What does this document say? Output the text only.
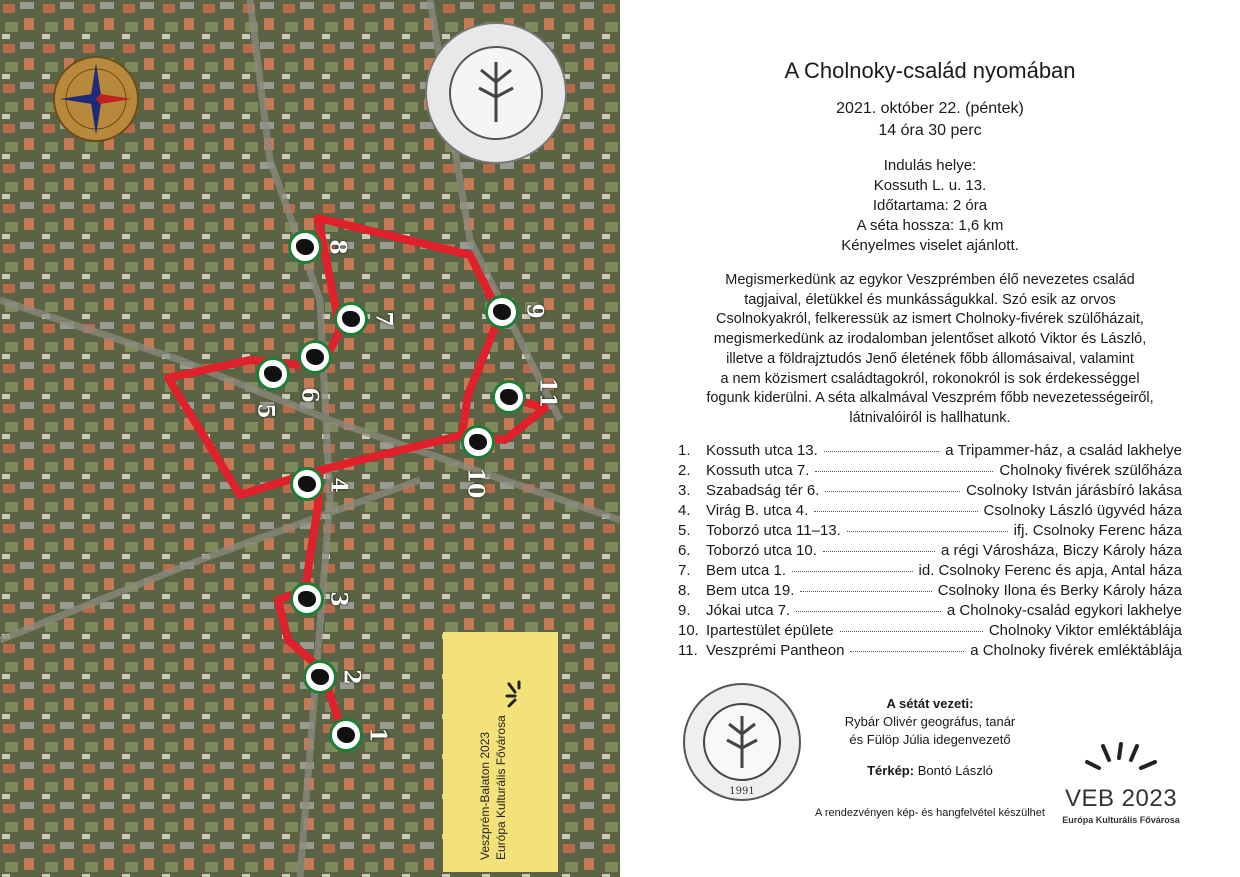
Veszprém-Balaton 2023 Európa Kulturális Fővárosa
1
2
3
4
5
6
7
8
9
10
11
A Cholnoky-család nyomában
2021. október 22. (péntek)
14 óra 30 perc
Indulás helye:
Kossuth L. u. 13.
Időtartama: 2 óra
A séta hossza: 1,6 km
Kényelmes viselet ajánlott.
Megismerkedünk az egykor Veszprémben élő nevezetes család
tagjaival, életükkel és munkásságukkal. Szó esik az orvos
Csolnokyakról, felkeressük az ismert Cholnoky-fivérek szülőházait,
megismerkedünk az irodalomban jelentőset alkotó Viktor és László,
illetve a földrajztudós Jenő életének főbb állomásaival, valamint
a nem közismert családtagokról, rokonokról is sok érdekességgel
fogunk kiderülni. A séta alkalmával Veszprém főbb nevezetességeiről,
látnivalóiról is hallhatunk.
1.	Kossuth utca 13.	a Tripammer-ház, a család lakhelye
2.	Kossuth utca 7.	Cholnoky fivérek szülőháza
3.	Szabadság tér 6.	Csolnoky István járásbíró lakása
4.	Virág B. utca 4.	Csolnoky László ügyvéd háza
5.	Toborzó utca 11–13.	ifj. Csolnoky Ferenc háza
6.	Toborzó utca 10.	a régi Városháza, Biczy Károly háza
7.	Bem utca 1.	id. Csolnoky Ferenc és apja, Antal háza
8.	Bem utca 19.	Csolnoky Ilona és Berky Károly háza
9.	Jókai utca 7.	a Cholnoky-család egykori lakhelye
10. Ipartestület épülete	Cholnoky Viktor emléktáblája
11. Veszprémi Pantheon	a Cholnoky fivérek emléktáblája
1991
A sétát vezeti:
Rybár Olivér geográfus, tanár
és Fülöp Júlia idegenvezető
Térkép: Bontó László
VEB 2023
Európa Kulturális Fővárosa
A rendezvényen kép- és hangfelvétel készülhet
